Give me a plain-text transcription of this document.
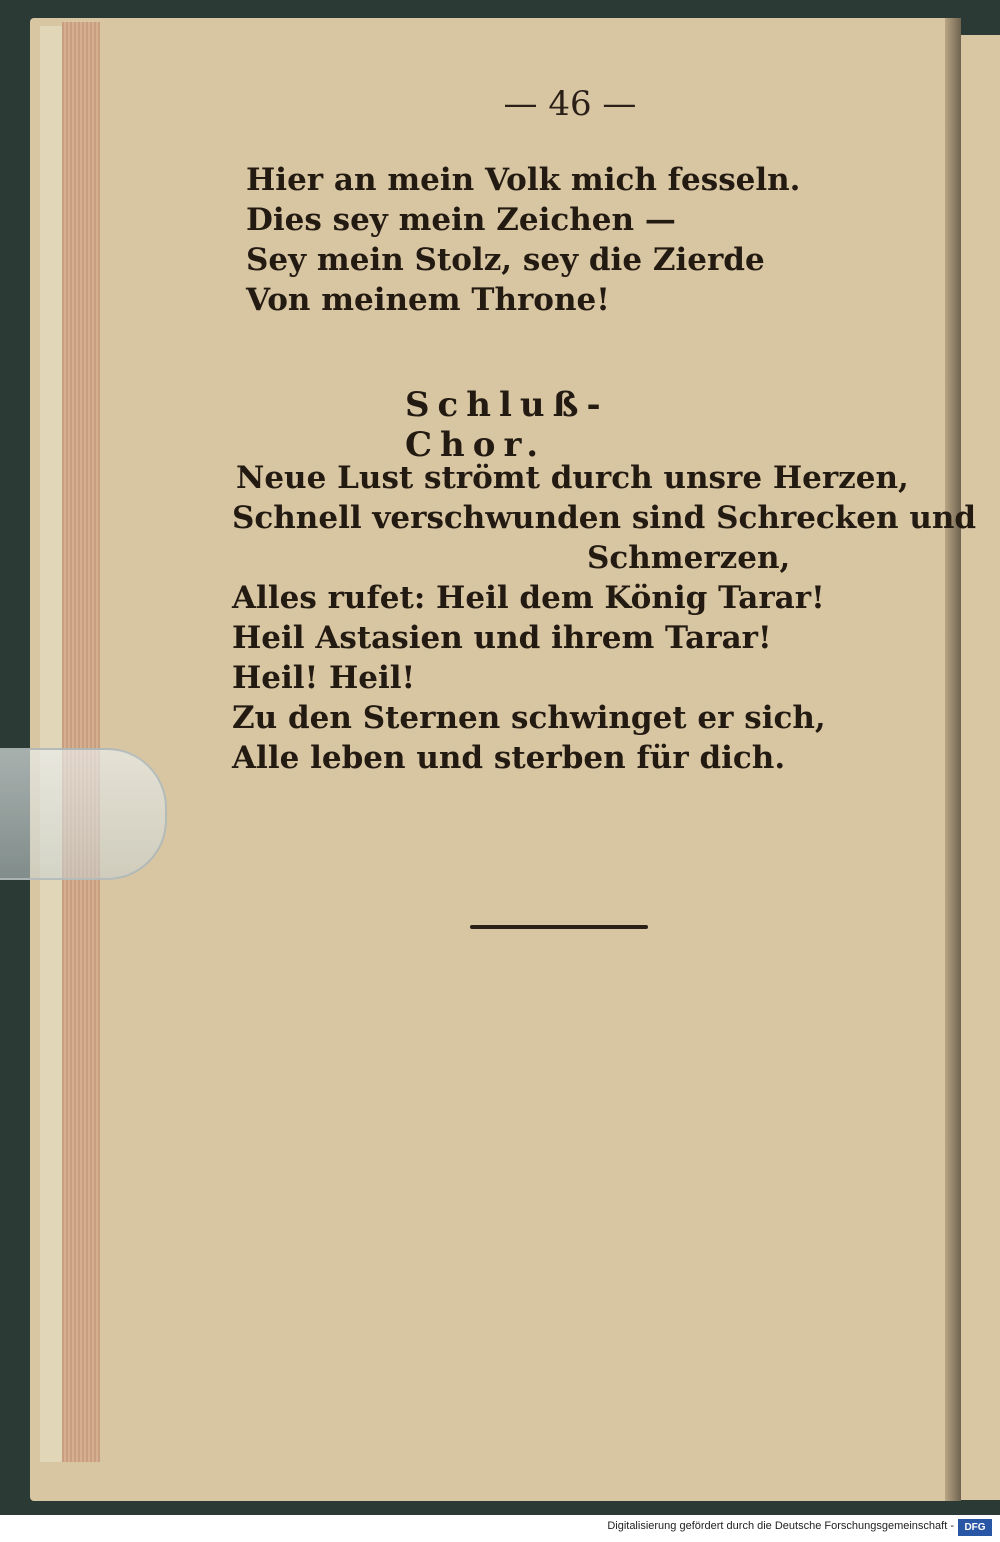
— 46 —
Hier an mein Volk mich fesseln.
Dies sey mein Zeichen —
Sey mein Stolz, sey die Zierde
Von meinem Throne!
Schluß-Chor.
Neue Lust strömt durch unsre Herzen,
Schnell verschwunden sind Schrecken und
Schmerzen,
Alles rufet: Heil dem König Tarar!
Heil Astasien und ihrem Tarar!
Heil! Heil!
Zu den Sternen schwinget er sich,
Alle leben und sterben für dich.
Digitalisierung gefördert durch die Deutsche Forschungsgemeinschaft -	DFG
